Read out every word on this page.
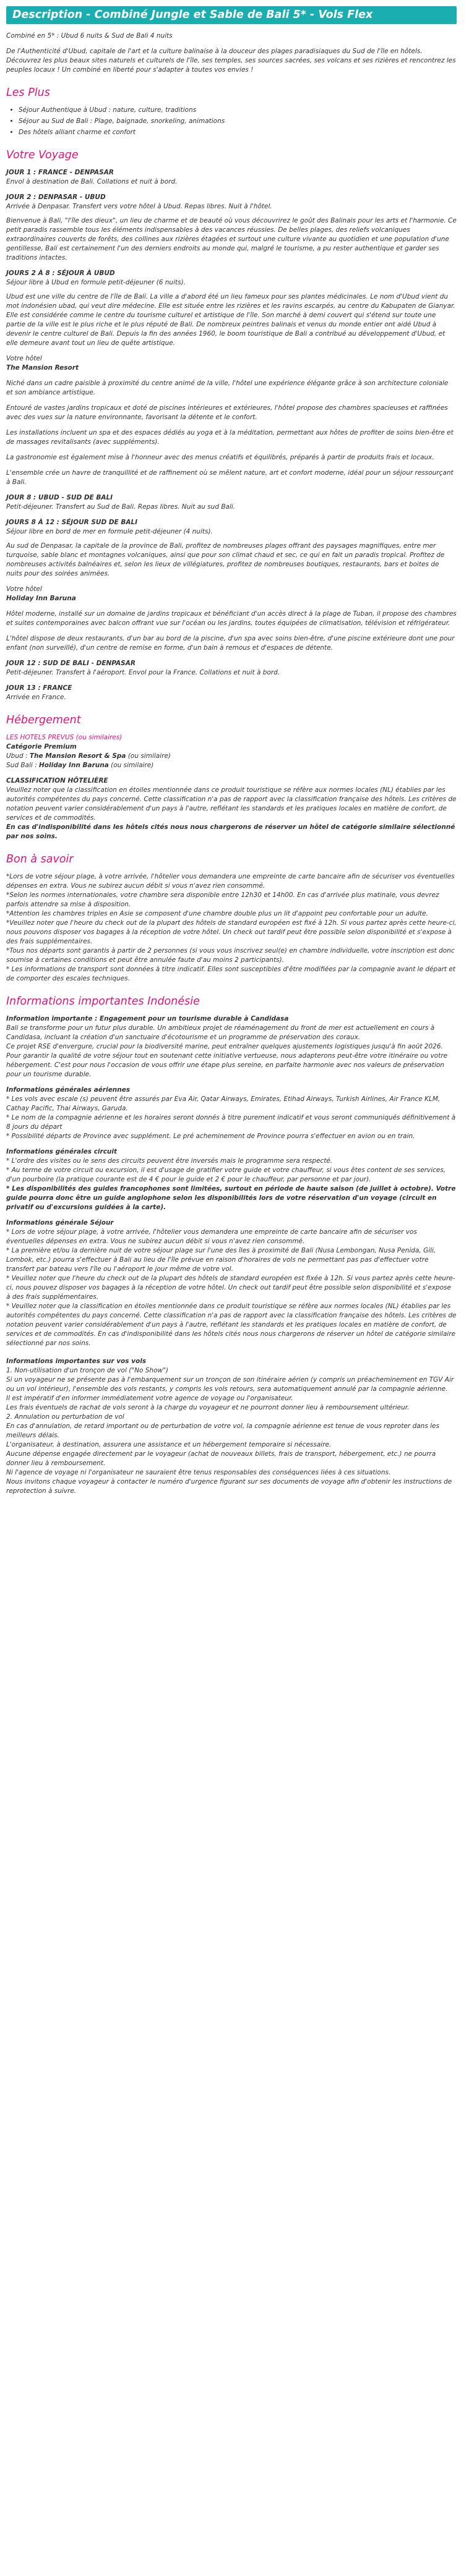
Description - Combiné Jungle et Sable de Bali 5* - Vols Flex

Combiné en 5* : Ubud 6 nuits & Sud de Bali 4 nuits

De l'Authenticité d'Ubud, capitale de l'art et la culture balinaise à la douceur des plages paradisiaques du Sud de l'île en hôtels. Découvrez les plus beaux sites naturels et culturels de l'île, ses temples, ses sources sacrées, ses volcans et ses rizières et rencontrez les peuples locaux ! Un combiné en liberté pour s'adapter à toutes vos envies !

Les Plus
• Séjour Authentique à Ubud : nature, culture, traditions
• Séjour au Sud de Bali : Plage, baignade, snorkeling, animations
• Des hôtels alliant charme et confort
Votre Voyage
JOUR 1 : FRANCE - DENPASAR
Envol à destination de Bali. Collations et nuit à bord.
JOUR 2 : DENPASAR - UBUD
Arrivée à Denpasar. Transfert vers votre hôtel à Ubud. Repas libres. Nuit à l'hôtel.

Bienvenue à Bali, "l'île des dieux", un lieu de charme et de beauté où vous découvrirez le goût des Balinais pour les arts et l'harmonie. Ce petit paradis rassemble tous les éléments indispensables à des vacances réussies. De belles plages, des reliefs volcaniques extraordinaires couverts de forêts, des collines aux rizières étagées et surtout une culture vivante au quotidien et une population d'une gentillesse, Bali est certainement l'un des derniers endroits au monde qui, malgré le tourisme, a pu rester authentique et garder ses traditions intactes.

JOURS 2 À 8 : SÉJOUR À UBUD
Séjour libre à Ubud en formule petit-déjeuner (6 nuits).

Ubud est une ville du centre de l'île de Bali. La ville a d'abord été un lieu fameux pour ses plantes médicinales. Le nom d'Ubud vient du mot indonésien ubad, qui veut dire médecine. Elle est située entre les rizières et les ravins escarpés, au centre du Kabupaten de Gianyar. Elle est considérée comme le centre du tourisme culturel et artistique de l'île. Son marché à demi couvert qui s'étend sur toute une partie de la ville est le plus riche et le plus réputé de Bali. De nombreux peintres balinais et venus du monde entier ont aidé Ubud à devenir le centre culturel de Bali. Depuis la fin des années 1960, le boom touristique de Bali a contribué au développement d'Ubud, et elle demeure avant tout un lieu de quête artistique.

Votre hôtel
The Mansion Resort

Niché dans un cadre paisible à proximité du centre animé de la ville, l'hôtel une expérience élégante grâce à son architecture coloniale et son ambiance artistique.

Entouré de vastes jardins tropicaux et doté de piscines intérieures et extérieures, l'hôtel propose des chambres spacieuses et raffinées avec des vues sur la nature environnante, favorisant la détente et le confort.

Les installations incluent un spa et des espaces dédiés au yoga et à la méditation, permettant aux hôtes de profiter de soins bien-être et de massages revitalisants (avec suppléments).

La gastronomie est également mise à l'honneur avec des menus créatifs et équilibrés, préparés à partir de produits frais et locaux.

L'ensemble crée un havre de tranquillité et de raffinement où se mêlent nature, art et confort moderne, idéal pour un séjour ressourçant à Bali.

JOUR 8 : UBUD - SUD DE BALI
Petit-déjeuner. Transfert au Sud de Bali. Repas libres. Nuit au sud Bali.
JOURS 8 À 12 : SÉJOUR SUD DE BALI
Séjour libre en bord de mer en formule petit-déjeuner (4 nuits).

Au sud de Denpasar, la capitale de la province de Bali, profitez de nombreuses plages offrant des paysages magnifiques, entre mer turquoise, sable blanc et montagnes volcaniques, ainsi que pour son climat chaud et sec, ce qui en fait un paradis tropical. Profitez de nombreuses activités balnéaires et, selon les lieux de villégiatures, profitez de nombreuses boutiques, restaurants, bars et boites de nuits pour des soirées animées.

Votre hôtel
Holiday Inn Baruna

Hôtel moderne, installé sur un domaine de jardins tropicaux et bénéficiant d'un accès direct à la plage de Tuban, il propose des chambres et suites contemporaines avec balcon offrant vue sur l'océan ou les jardins, toutes équipées de climatisation, télévision et réfrigérateur.

L'hôtel dispose de deux restaurants, d'un bar au bord de la piscine, d'un spa avec soins bien-être, d'une piscine extérieure dont une pour enfant (non surveillé), d'un centre de remise en forme, d'un bain à remous et d'espaces de détente.

JOUR 12 : SUD DE BALI - DENPASAR
Petit-déjeuner. Transfert à l'aéroport. Envol pour la France. Collations et nuit à bord.
JOUR 13 : FRANCE
Arrivée en France.
Hébergement
LES HOTELS PREVUS (ou similaires)
Catégorie Premium
Ubud : The Mansion Resort & Spa (ou similaire)
Sud Bali : Holiday Inn Baruna (ou similaire)
CLASSIFICATION HÔTELIÈRE
Veuillez noter que la classification en étoiles mentionnée dans ce produit touristique se réfère aux normes locales (NL) établies par les autorités compétentes du pays concerné. Cette classification n'a pas de rapport avec la classification française des hôtels. Les critères de notation peuvent varier considérablement d'un pays à l'autre, reflétant les standards et les pratiques locales en matière de confort, de services et de commodités.
En cas d'indisponibilité dans les hôtels cités nous nous chargerons de réserver un hôtel de catégorie similaire sélectionné par nos soins.
Bon à savoir
*Lors de votre séjour plage, à votre arrivée, l'hôtelier vous demandera une empreinte de carte bancaire afin de sécuriser vos éventuelles dépenses en extra. Vous ne subirez aucun débit si vous n'avez rien consommé.
*Selon les normes internationales, votre chambre sera disponible entre 12h30 et 14h00. En cas d'arrivée plus matinale, vous devrez parfois attendre sa mise à disposition.
*Attention les chambres triples en Asie se composent d'une chambre double plus un lit d'appoint peu confortable pour un adulte.
*Veuillez noter que l'heure du check out de la plupart des hôtels de standard européen est fixé à 12h. Si vous partez après cette heure-ci, nous pouvons disposer vos bagages à la réception de votre hôtel. Un check out tardif peut être possible selon disponibilité et s'expose à des frais supplémentaires.
*Tous nos départs sont garantis à partir de 2 personnes (si vous vous inscrivez seul(e) en chambre individuelle, votre inscription est donc soumise à certaines conditions et peut être annulée faute d'au moins 2 participants).
* Les informations de transport sont données à titre indicatif. Elles sont susceptibles d'être modifiées par la compagnie avant le départ et de comporter des escales techniques.
Informations importantes Indonésie
Information importante : Engagement pour un tourisme durable à Candidasa
Bali se transforme pour un futur plus durable. Un ambitieux projet de réaménagement du front de mer est actuellement en cours à Candidasa, incluant la création d'un sanctuaire d'écotourisme et un programme de préservation des coraux.
Ce projet RSE d'envergure, crucial pour la biodiversité marine, peut entraîner quelques ajustements logistiques jusqu'à fin août 2026. Pour garantir la qualité de votre séjour tout en soutenant cette initiative vertueuse, nous adapterons peut-être votre itinéraire ou votre hébergement. C'est pour nous l'occasion de vous offrir une étape plus sereine, en parfaite harmonie avec nos valeurs de préservation pour un tourisme durable.
Informations générales aériennes
* Les vols avec escale (s) peuvent être assurés par Eva Air, Qatar Airways, Emirates, Etihad Airways, Turkish Airlines, Air France KLM, Cathay Pacific, Thai Airways, Garuda.
* Le nom de la compagnie aérienne et les horaires seront donnés à titre purement indicatif et vous seront communiqués définitivement à 8 jours du départ
* Possibilité départs de Province avec supplément. Le pré acheminement de Province pourra s'effectuer en avion ou en train.
Informations générales circuit
* L'ordre des visites ou le sens des circuits peuvent être inversés mais le programme sera respecté.
* Au terme de votre circuit ou excursion, il est d'usage de gratifier votre guide et votre chauffeur, si vous êtes content de ses services, d'un pourboire (la pratique courante est de 4 € pour le guide et 2 € pour le chauffeur, par personne et par jour).
* Les disponibilités des guides francophones sont limitées, surtout en période de haute saison (de juillet à octobre). Votre guide pourra donc être un guide anglophone selon les disponibilités lors de votre réservation d'un voyage (circuit en privatif ou d'excursions guidées à la carte).
Informations générale Séjour
* Lors de votre séjour plage, à votre arrivée, l'hôtelier vous demandera une empreinte de carte bancaire afin de sécuriser vos éventuelles dépenses en extra. Vous ne subirez aucun débit si vous n'avez rien consommé.
* La première et/ou la dernière nuit de votre séjour plage sur l'une des îles à proximité de Bali (Nusa Lembongan, Nusa Penida, Gili, Lombok, etc.) pourra s'effectuer à Bali au lieu de l'île prévue en raison d'horaires de vols ne permettant pas pas d'effectuer votre transfert par bateau vers l'île ou l'aéroport le jour même de votre vol.
* Veuillez noter que l'heure du check out de la plupart des hôtels de standard européen est fixée à 12h. Si vous partez après cette heure-ci, nous pouvez disposer vos bagages à la réception de votre hôtel. Un check out tardif peut être possible selon disponibilité et s'expose à des frais supplémentaires.
* Veuillez noter que la classification en étoiles mentionnée dans ce produit touristique se réfère aux normes locales (NL) établies par les autorités compétentes du pays concerné. Cette classification n'a pas de rapport avec la classification française des hôtels. Les critères de notation peuvent varier considérablement d'un pays à l'autre, reflétant les standards et les pratiques locales en matière de confort, de services et de commodités. En cas d'indisponibilité dans les hôtels cités nous nous chargerons de réserver un hôtel de catégorie similaire sélectionné par nos soins.
Informations importantes sur vos vols
1. Non-utilisation d'un tronçon de vol ("No Show")
Si un voyageur ne se présente pas à l'embarquement sur un tronçon de son itinéraire aérien (y compris un préacheminement en TGV Air ou un vol intérieur), l'ensemble des vols restants, y compris les vols retours, sera automatiquement annulé par la compagnie aérienne.
Il est impératif d'en informer immédiatement votre agence de voyage ou l'organisateur.
Les frais éventuels de rachat de vols seront à la charge du voyageur et ne pourront donner lieu à remboursement ultérieur.
2. Annulation ou perturbation de vol
En cas d'annulation, de retard important ou de perturbation de votre vol, la compagnie aérienne est tenue de vous reproter dans les meilleurs délais.
L'organisateur, à destination, assurera une assistance et un hébergement temporaire si nécessaire.
Aucune dépense engagée directement par le voyageur (achat de nouveaux billets, frais de transport, hébergement, etc.) ne pourra donner lieu à remboursement.
Ni l'agence de voyage ni l'organisateur ne sauraient être tenus responsables des conséquences liées à ces situations.
Nous invitons chaque voyageur à contacter le numéro d'urgence figurant sur ses documents de voyage afin d'obtenir les instructions de reprotection à suivre.
